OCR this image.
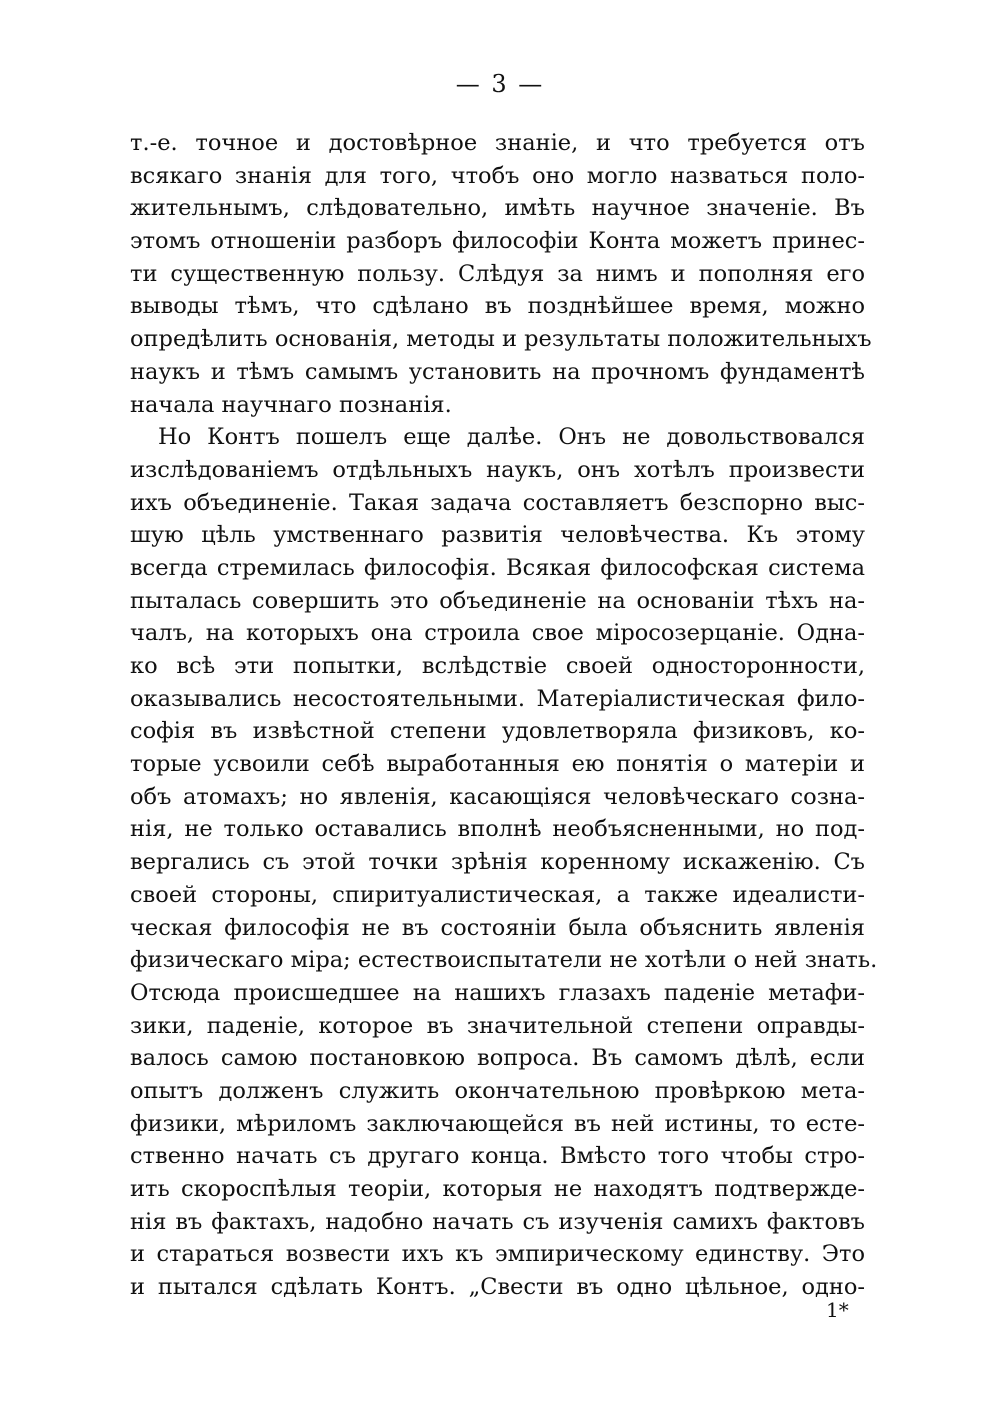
— 3 —
т.-е. точное и достовѣрное знаніе, и что требуется отъ
всякаго знанія для того, чтобъ оно могло назваться поло-
жительнымъ, слѣдовательно, имѣть научное значеніе. Въ
этомъ отношеніи разборъ философіи Конта можетъ принес-
ти существенную пользу. Слѣдуя за нимъ и пополняя его
выводы тѣмъ, что сдѣлано въ позднѣйшее время, можно
опредѣлить основанія, методы и результаты положительныхъ
наукъ и тѣмъ самымъ установить на прочномъ фундаментѣ
начала научнаго познанія.
Но Контъ пошелъ еще далѣе. Онъ не довольствовался
изслѣдованіемъ отдѣльныхъ наукъ, онъ хотѣлъ произвести
ихъ объединеніе. Такая задача составляетъ безспорно выс-
шую цѣль умственнаго развитія человѣчества. Къ этому
всегда стремилась философія. Всякая философская система
пыталась совершить это объединеніе на основаніи тѣхъ на-
чалъ, на которыхъ она строила свое міросозерцаніе. Одна-
ко всѣ эти попытки, вслѣдствіе своей односторонности,
оказывались несостоятельными. Матеріалистическая фило-
софія въ извѣстной степени удовлетворяла физиковъ, ко-
торые усвоили себѣ выработанныя ею понятія о матеріи и
объ атомахъ; но явленія, касающіяся человѣческаго созна-
нія, не только оставались вполнѣ необъясненными, но под-
вергались съ этой точки зрѣнія коренному искаженію. Съ
своей стороны, спиритуалистическая, а также идеалисти-
ческая философія не въ состояніи была объяснить явленія
физическаго міра; естествоиспытатели не хотѣли о ней знать.
Отсюда происшедшее на нашихъ глазахъ паденіе метафи-
зики, паденіе, которое въ значительной степени оправды-
валось самою постановкою вопроса. Въ самомъ дѣлѣ, если
опытъ долженъ служить окончательною провѣркою мета-
физики, мѣриломъ заключающейся въ ней истины, то есте-
ственно начать съ другаго конца. Вмѣсто того чтобы стро-
ить скороспѣлыя теоріи, которыя не находятъ подтвержде-
нія въ фактахъ, надобно начать съ изученія самихъ фактовъ
и стараться возвести ихъ къ эмпирическому единству. Это
и пытался сдѣлать Контъ. „Свести въ одно цѣльное, одно-
1*
